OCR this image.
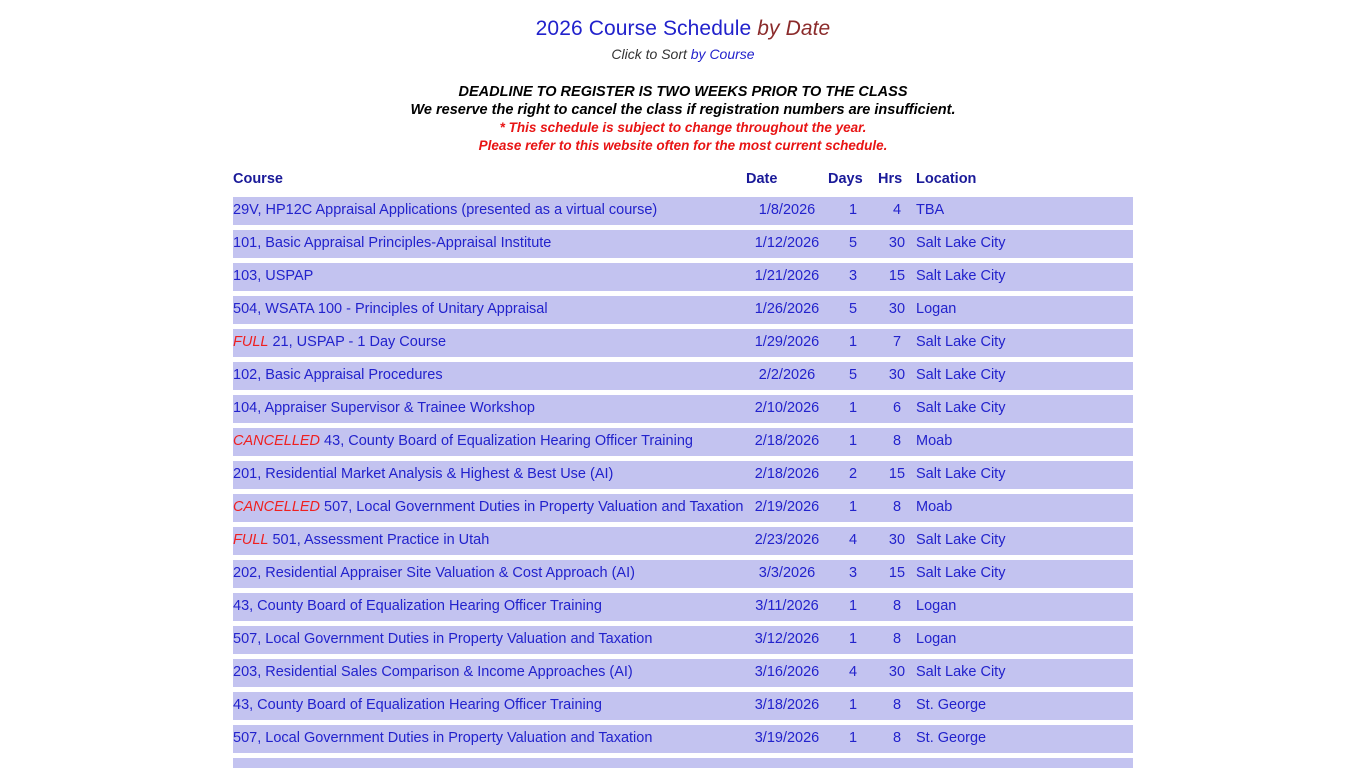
2026 Course Schedule by Date
Click to Sort by Course
DEADLINE TO REGISTER IS TWO WEEKS PRIOR TO THE CLASS
We reserve the right to cancel the class if registration numbers are insufficient.
* This schedule is subject to change throughout the year.
Please refer to this website often for the most current schedule.
Course	Date	Days	Hrs	Location
29V, HP12C Appraisal Applications (presented as a virtual course)	1/8/2026	1	4	TBA
101, Basic Appraisal Principles-Appraisal Institute	1/12/2026	5	30	Salt Lake City
103, USPAP	1/21/2026	3	15	Salt Lake City
504, WSATA 100 - Principles of Unitary Appraisal	1/26/2026	5	30	Logan
FULL 21, USPAP - 1 Day Course	1/29/2026	1	7	Salt Lake City
102, Basic Appraisal Procedures	2/2/2026	5	30	Salt Lake City
104, Appraiser Supervisor & Trainee Workshop	2/10/2026	1	6	Salt Lake City
CANCELLED 43, County Board of Equalization Hearing Officer Training	2/18/2026	1	8	Moab
201, Residential Market Analysis & Highest & Best Use (AI)	2/18/2026	2	15	Salt Lake City
CANCELLED 507, Local Government Duties in Property Valuation and Taxation	2/19/2026	1	8	Moab
FULL 501, Assessment Practice in Utah	2/23/2026	4	30	Salt Lake City
202, Residential Appraiser Site Valuation & Cost Approach (AI)	3/3/2026	3	15	Salt Lake City
43, County Board of Equalization Hearing Officer Training	3/11/2026	1	8	Logan
507, Local Government Duties in Property Valuation and Taxation	3/12/2026	1	8	Logan
203, Residential Sales Comparison & Income Approaches (AI)	3/16/2026	4	30	Salt Lake City
43, County Board of Equalization Hearing Officer Training	3/18/2026	1	8	St. George
507, Local Government Duties in Property Valuation and Taxation	3/19/2026	1	8	St. George
